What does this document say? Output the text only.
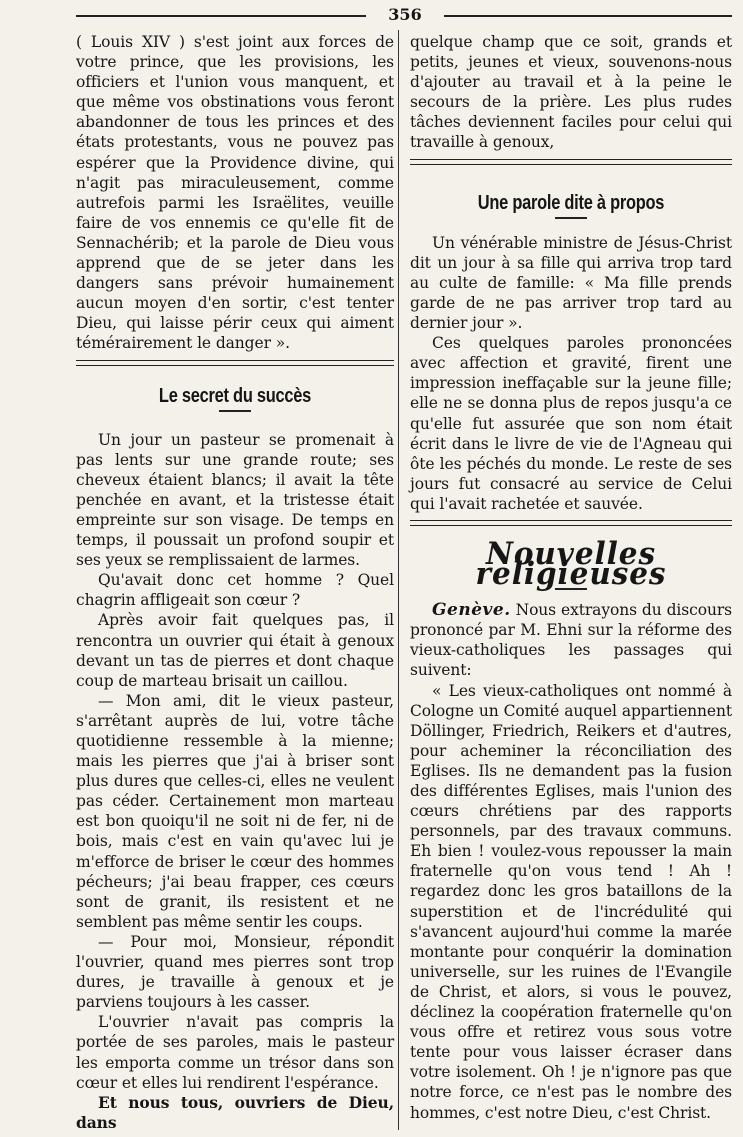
356

( Louis XIV ) s'est joint aux forces de votre prince, que les provisions, les officiers et l'union vous manquent, et que même vos obstinations vous feront abandonner de tous les princes et des états protestants, vous ne pouvez pas espérer que la Providence divine, qui n'agit pas miraculeusement, comme autrefois parmi les Israëlites, veuille faire de vos ennemis ce qu'elle fit de Sennachérib; et la parole de Dieu vous apprend que de se jeter dans les dangers sans prévoir humainement aucun moyen d'en sortir, c'est tenter Dieu, qui laisse périr ceux qui aiment témérairement le danger ».

Le secret du succès

Un jour un pasteur se promenait à pas lents sur une grande route; ses cheveux étaient blancs; il avait la tête penchée en avant, et la tristesse était empreinte sur son visage. De temps en temps, il poussait un profond soupir et ses yeux se remplissaient de larmes.

Qu'avait donc cet homme ? Quel chagrin affligeait son cœur ?

Après avoir fait quelques pas, il rencontra un ouvrier qui était à genoux devant un tas de pierres et dont chaque coup de marteau brisait un caillou.

— Mon ami, dit le vieux pasteur, s'arrêtant auprès de lui, votre tâche quotidienne ressemble à la mienne; mais les pierres que j'ai à briser sont plus dures que celles-ci, elles ne veulent pas céder. Certainement mon marteau est bon quoiqu'il ne soit ni de fer, ni de bois, mais c'est en vain qu'avec lui je m'efforce de briser le cœur des hommes pécheurs; j'ai beau frapper, ces cœurs sont de granit, ils resistent et ne semblent pas même sentir les coups.

— Pour moi, Monsieur, répondit l'ouvrier, quand mes pierres sont trop dures, je travaille à genoux et je parviens toujours à les casser.

L'ouvrier n'avait pas compris la portée de ses paroles, mais le pasteur les emporta comme un trésor dans son cœur et elles lui rendirent l'espérance.

Et nous tous, ouvriers de Dieu, dans

quelque champ que ce soit, grands et petits, jeunes et vieux, souvenons-nous d'ajouter au travail et à la peine le secours de la prière. Les plus rudes tâches deviennent faciles pour celui qui travaille à genoux,

Une parole dite à propos

Un vénérable ministre de Jésus-Christ dit un jour à sa fille qui arriva trop tard au culte de famille: « Ma fille prends garde de ne pas arriver trop tard au dernier jour ».

Ces quelques paroles prononcées avec affection et gravité, firent une impression ineffaçable sur la jeune fille; elle ne se donna plus de repos jusqu'a ce qu'elle fut assurée que son nom était écrit dans le livre de vie de l'Agneau qui ôte les péchés du monde. Le reste de ses jours fut consacré au service de Celui qui l'avait rachetée et sauvée.

Nouvelles religieuses

Genève. Nous extrayons du discours prononcé par M. Ehni sur la réforme des vieux-catholiques les passages qui suivent:

« Les vieux-catholiques ont nommé à Cologne un Comité auquel appartiennent Döllinger, Friedrich, Reikers et d'autres, pour acheminer la réconciliation des Eglises. Ils ne demandent pas la fusion des différentes Eglises, mais l'union des cœurs chrétiens par des rapports personnels, par des travaux communs. Eh bien ! voulez-vous repousser la main fraternelle qu'on vous tend ! Ah ! regardez donc les gros bataillons de la superstition et de l'incrédulité qui s'avancent aujourd'hui comme la marée montante pour conquérir la domination universelle, sur les ruines de l'Evangile de Christ, et alors, si vous le pouvez, déclinez la coopération fraternelle qu'on vous offre et retirez vous sous votre tente pour vous laisser écraser dans votre isolement. Oh ! je n'ignore pas que notre force, ce n'est pas le nombre des hommes, c'est notre Dieu, c'est Christ.
